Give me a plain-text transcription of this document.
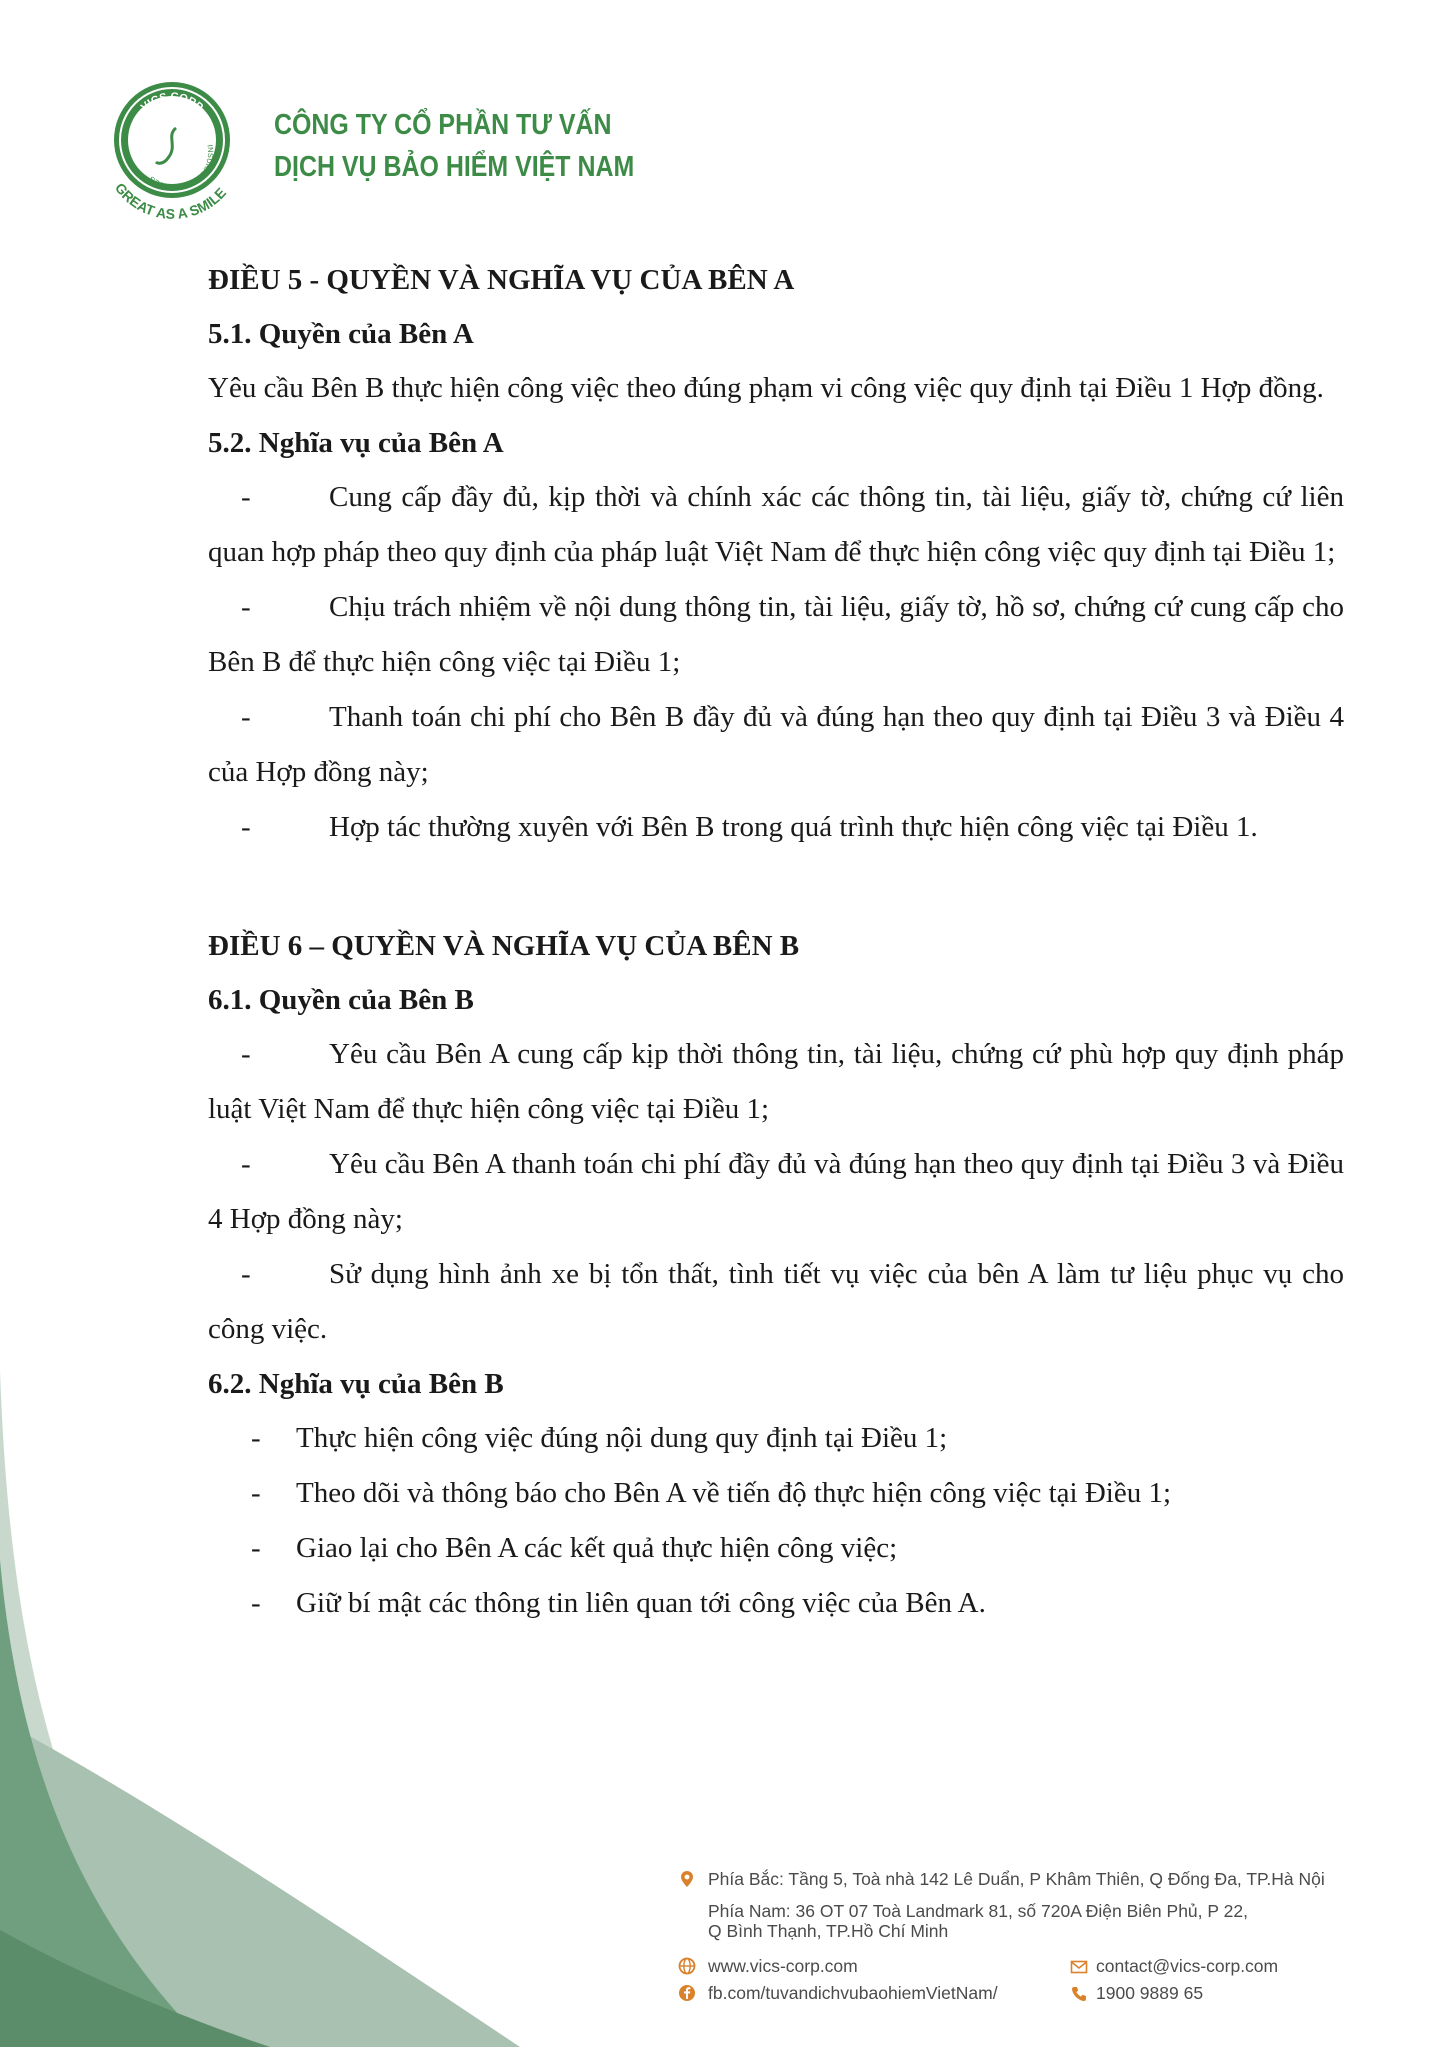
VICS CORP
INSURANCE SERVICES
GREAT AS A SMILE
CÔNG TY CỔ PHẦN TƯ VẤN
DỊCH VỤ BẢO HIỂM VIỆT NAM

ĐIỀU 5 - QUYỀN VÀ NGHĨA VỤ CỦA BÊN A

5.1. Quyền của Bên A

Yêu cầu Bên B thực hiện công việc theo đúng phạm vi công việc quy định tại Điều 1 Hợp đồng.

5.2. Nghĩa vụ của Bên A

-	Cung cấp đầy đủ, kịp thời và chính xác các thông tin, tài liệu, giấy tờ, chứng cứ liên quan hợp pháp theo quy định của pháp luật Việt Nam để thực hiện công việc quy định tại Điều 1;

-	Chịu trách nhiệm về nội dung thông tin, tài liệu, giấy tờ, hồ sơ, chứng cứ cung cấp cho Bên B để thực hiện công việc tại Điều 1;

-	Thanh toán chi phí cho Bên B đầy đủ và đúng hạn theo quy định tại Điều 3 và Điều 4 của Hợp đồng này;

-	Hợp tác thường xuyên với Bên B trong quá trình thực hiện công việc tại Điều 1.

ĐIỀU 6 – QUYỀN VÀ NGHĨA VỤ CỦA BÊN B

6.1. Quyền của Bên B

-	Yêu cầu Bên A cung cấp kịp thời thông tin, tài liệu, chứng cứ phù hợp quy định pháp luật Việt Nam để thực hiện công việc tại Điều 1;

-	Yêu cầu Bên A thanh toán chi phí đầy đủ và đúng hạn theo quy định tại Điều 3 và Điều 4 Hợp đồng này;

-	Sử dụng hình ảnh xe bị tổn thất, tình tiết vụ việc của bên A làm tư liệu phục vụ cho công việc.

6.2. Nghĩa vụ của Bên B

- Thực hiện công việc đúng nội dung quy định tại Điều 1;

- Theo dõi và thông báo cho Bên A về tiến độ thực hiện công việc tại Điều 1;

- Giao lại cho Bên A các kết quả thực hiện công việc;

- Giữ bí mật các thông tin liên quan tới công việc của Bên A.

Phía Bắc: Tầng 5, Toà nhà 142 Lê Duẩn, P Khâm Thiên, Q Đống Đa, TP.Hà Nội
Phía Nam: 36 OT 07 Toà Landmark 81, số 720A Điện Biên Phủ, P 22,
Q Bình Thạnh, TP.Hồ Chí Minh
www.vics-corp.com	contact@vics-corp.com
fb.com/tuvandichvubaohiemVietNam/	1900 9889 65
